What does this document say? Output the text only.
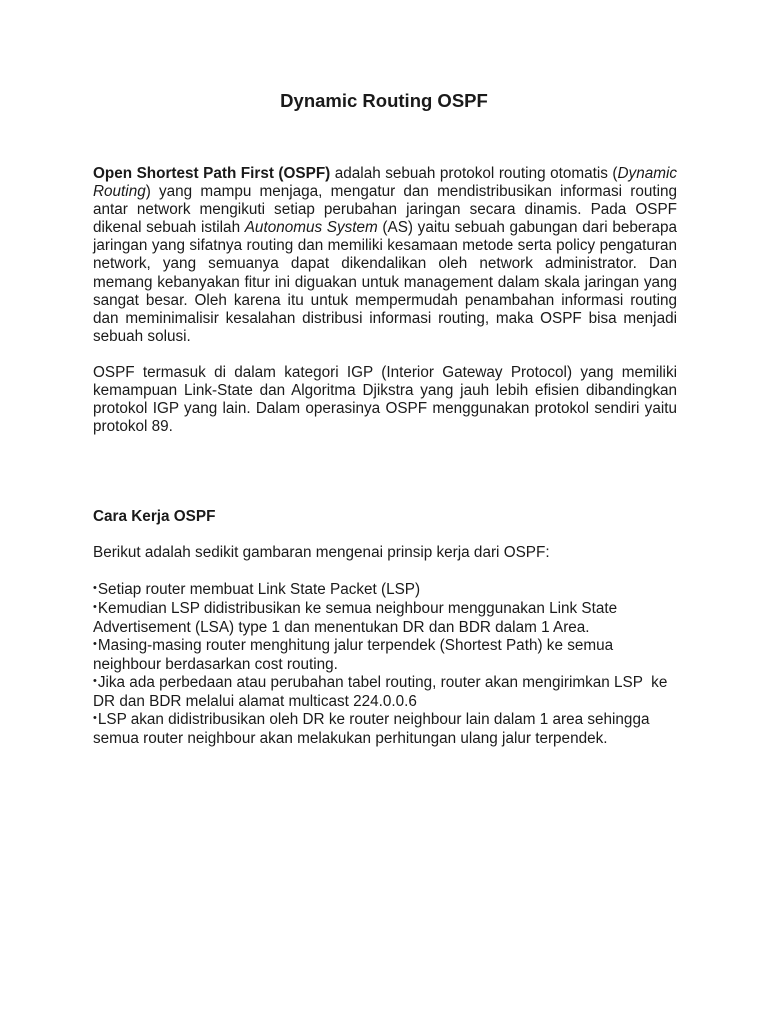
Dynamic Routing OSPF

Open Shortest Path First (OSPF) adalah sebuah protokol routing otomatis (Dynamic Routing) yang mampu menjaga, mengatur dan mendistribusikan informasi routing antar network mengikuti setiap perubahan jaringan secara dinamis. Pada OSPF dikenal sebuah istilah Autonomus System (AS) yaitu sebuah gabungan dari beberapa jaringan yang sifatnya routing dan memiliki kesamaan metode serta policy pengaturan network, yang semuanya dapat dikendalikan oleh network administrator. Dan memang kebanyakan fitur ini diguakan untuk management dalam skala jaringan yang sangat besar. Oleh karena itu untuk mempermudah penambahan informasi routing dan meminimalisir kesalahan distribusi informasi routing, maka OSPF bisa menjadi sebuah solusi.

OSPF termasuk di dalam kategori IGP (Interior Gateway Protocol) yang memiliki kemampuan Link-State dan Algoritma Djikstra yang jauh lebih efisien dibandingkan protokol IGP yang lain. Dalam operasinya OSPF menggunakan protokol sendiri yaitu protokol 89.

Cara Kerja OSPF

Berikut adalah sedikit gambaran mengenai prinsip kerja dari OSPF:

•Setiap router membuat Link State Packet (LSP)
•Kemudian LSP didistribusikan ke semua neighbour menggunakan Link State Advertisement (LSA) type 1 dan menentukan DR dan BDR dalam 1 Area.
•Masing-masing router menghitung jalur terpendek (Shortest Path) ke semua neighbour berdasarkan cost routing.
•Jika ada perbedaan atau perubahan tabel routing, router akan mengirimkan LSP  ke DR dan BDR melalui alamat multicast 224.0.0.6
•LSP akan didistribusikan oleh DR ke router neighbour lain dalam 1 area sehingga semua router neighbour akan melakukan perhitungan ulang jalur terpendek.
